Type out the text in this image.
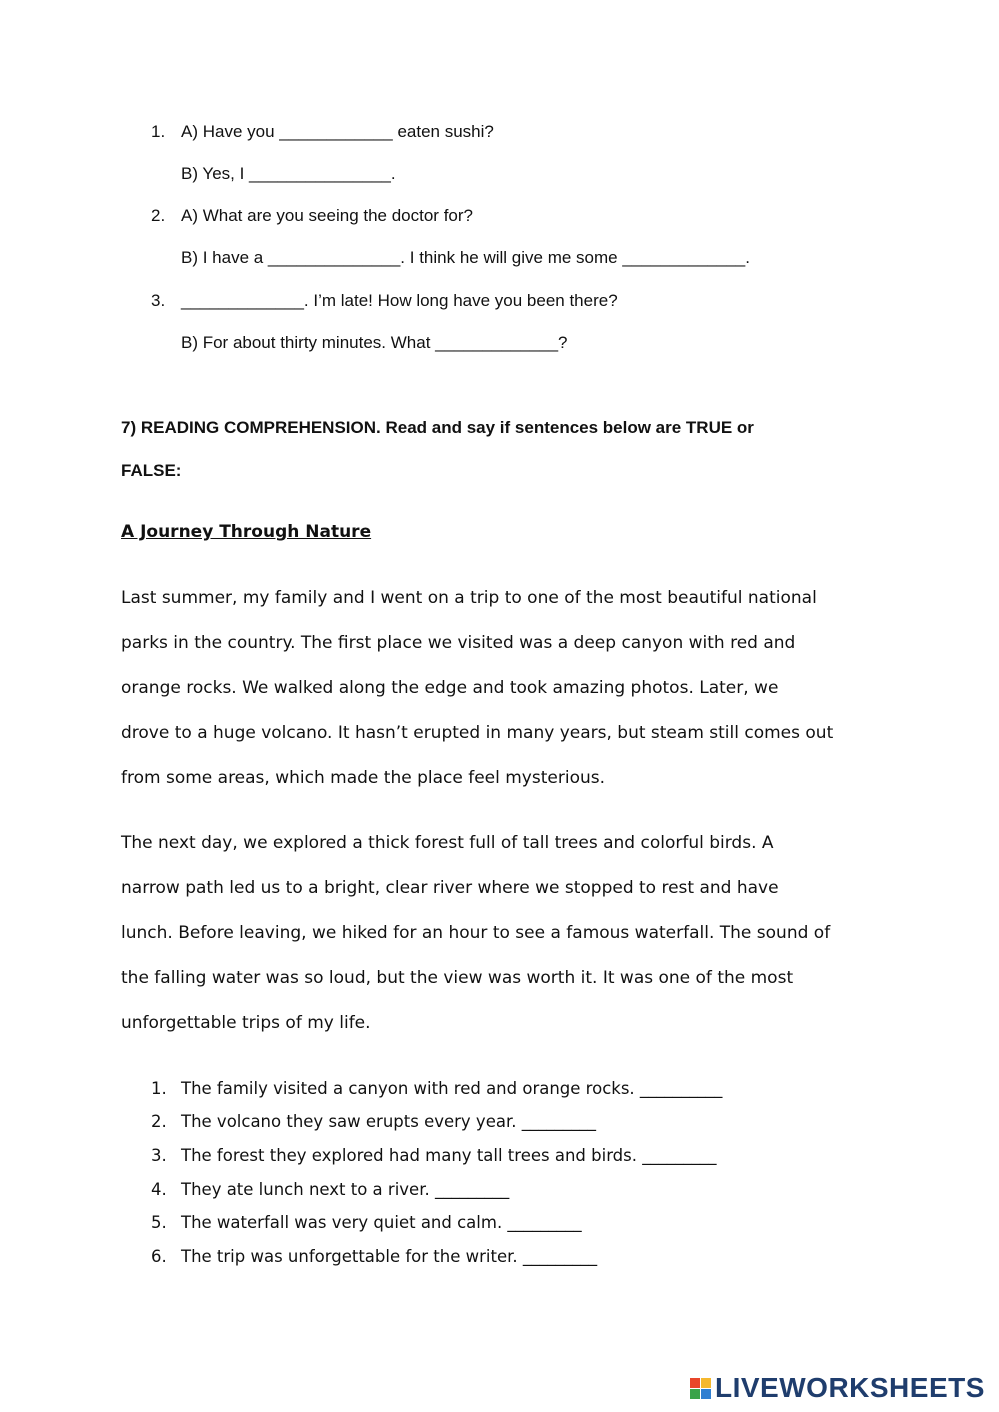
1. A) Have you ____________ eaten sushi?
B) Yes, I _______________.
2. A) What are you seeing the doctor for?
B) I have a ______________. I think he will give me some _____________.
3. _____________. I’m late! How long have you been there?
B) For about thirty minutes. What _____________?
7) READING COMPREHENSION. Read and say if sentences below are TRUE or
FALSE:
A Journey Through Nature
Last summer, my family and I went on a trip to one of the most beautiful national
parks in the country. The first place we visited was a deep canyon with red and
orange rocks. We walked along the edge and took amazing photos. Later, we
drove to a huge volcano. It hasn’t erupted in many years, but steam still comes out
from some areas, which made the place feel mysterious.
The next day, we explored a thick forest full of tall trees and colorful birds. A
narrow path led us to a bright, clear river where we stopped to rest and have
lunch. Before leaving, we hiked for an hour to see a famous waterfall. The sound of
the falling water was so loud, but the view was worth it. It was one of the most
unforgettable trips of my life.
1. The family visited a canyon with red and orange rocks. __________
2. The volcano they saw erupts every year. _________
3. The forest they explored had many tall trees and birds. _________
4. They ate lunch next to a river. _________
5. The waterfall was very quiet and calm. _________
6. The trip was unforgettable for the writer. _________
LIVEWORKSHEETS
